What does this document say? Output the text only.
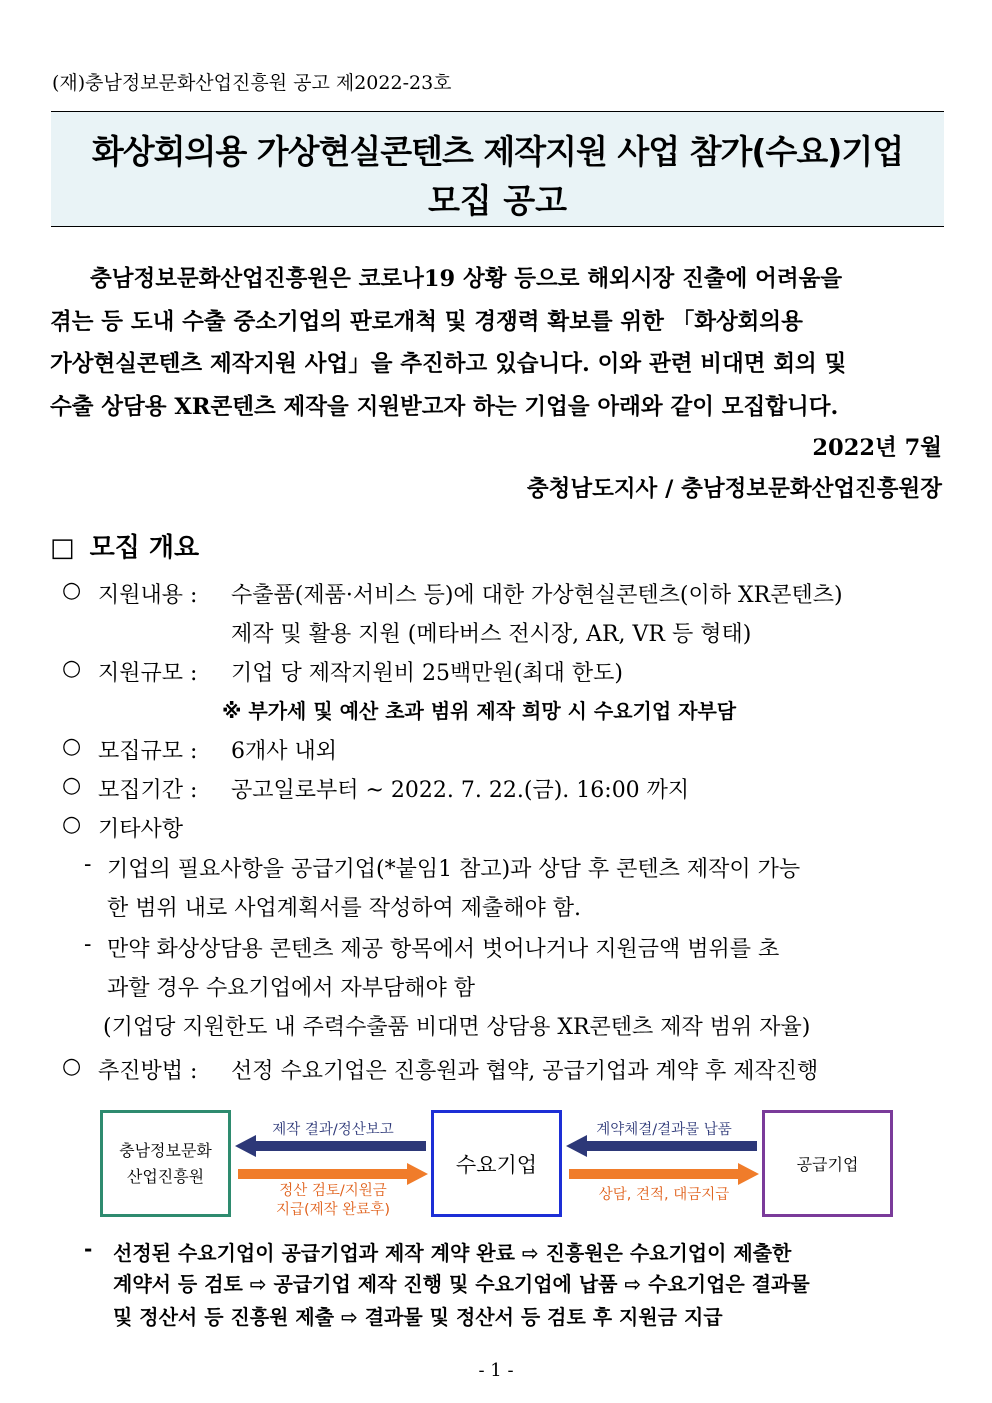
(재)충남정보문화산업진흥원 공고 제2022-23호
화상회의용 가상현실콘텐츠 제작지원 사업 참가(수요)기업
모집 공고
충남정보문화산업진흥원은 코로나19 상황 등으로 해외시장 진출에 어려움을
겪는 등 도내 수출 중소기업의 판로개척 및 경쟁력 확보를 위한 「화상회의용
가상현실콘텐츠 제작지원 사업」을 추진하고 있습니다. 이와 관련 비대면 회의 및
수출 상담용 XR콘텐츠 제작을 지원받고자 하는 기업을 아래와 같이 모집합니다.
2022년 7월
충청남도지사 / 충남정보문화산업진흥원장
□ 모집 개요
○ 지원내용 : 수출품(제품·서비스 등)에 대한 가상현실콘텐츠(이하 XR콘텐츠)
제작 및 활용 지원 (메타버스 전시장, AR, VR 등 형태)
○ 지원규모 : 기업 당 제작지원비 25백만원(최대 한도)
※ 부가세 및 예산 초과 범위 제작 희망 시 수요기업 자부담
○ 모집규모 : 6개사 내외
○ 모집기간 : 공고일로부터 ~ 2022. 7. 22.(금). 16:00 까지
○ 기타사항
- 기업의 필요사항을 공급기업(*붙임1 참고)과 상담 후 콘텐츠 제작이 가능
한 범위 내로 사업계획서를 작성하여 제출해야 함.
- 만약 화상상담용 콘텐츠 제공 항목에서 벗어나거나 지원금액 범위를 초
과할 경우 수요기업에서 자부담해야 함
(기업당 지원한도 내 주력수출품 비대면 상담용 XR콘텐츠 제작 범위 자율)
○ 추진방법 : 선정 수요기업은 진흥원과 협약, 공급기업과 계약 후 제작진행
충남정보문화
산업진흥원	수요기업	공급기업
제작 결과/정산보고
정산 검토/지원금
지급(제작 완료후)
계약체결/결과물 납품
상담, 견적, 대금지급
- 선정된 수요기업이 공급기업과 제작 계약 완료 ⇨ 진흥원은 수요기업이 제출한
계약서 등 검토 ⇨ 공급기업 제작 진행 및 수요기업에 납품 ⇨ 수요기업은 결과물
및 정산서 등 진흥원 제출 ⇨ 결과물 및 정산서 등 검토 후 지원금 지급
- 1 -
